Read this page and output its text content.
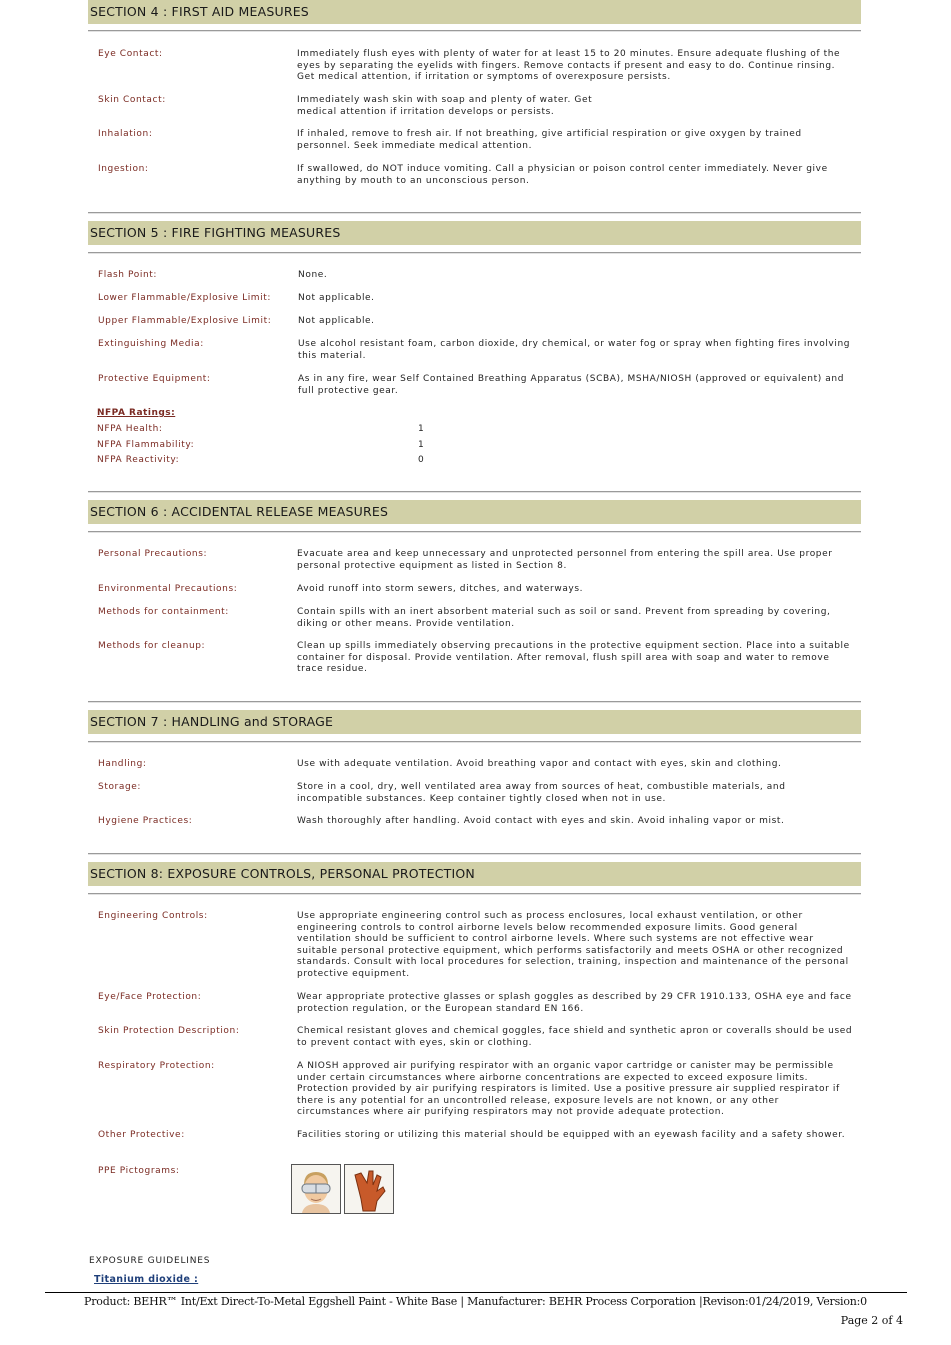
SECTION 4 : FIRST AID MEASURES
Eye Contact:	Immediately flush eyes with plenty of water for at least 15 to 20 minutes. Ensure adequate flushing of the eyes by separating the eyelids with fingers. Remove contacts if present and easy to do. Continue rinsing. Get medical attention, if irritation or symptoms of overexposure persists.
Skin Contact:	Immediately wash skin with soap and plenty of water. Get medical attention if irritation develops or persists.
Inhalation:	If inhaled, remove to fresh air. If not breathing, give artificial respiration or give oxygen by trained personnel. Seek immediate medical attention.
Ingestion:	If swallowed, do NOT induce vomiting. Call a physician or poison control center immediately. Never give anything by mouth to an unconscious person.
SECTION 5 : FIRE FIGHTING MEASURES
Flash Point:	None.
Lower Flammable/Explosive Limit:	Not applicable.
Upper Flammable/Explosive Limit:	Not applicable.
Extinguishing Media:	Use alcohol resistant foam, carbon dioxide, dry chemical, or water fog or spray when fighting fires involving this material.
Protective Equipment:	As in any fire, wear Self Contained Breathing Apparatus (SCBA), MSHA/NIOSH (approved or equivalent) and full protective gear.
NFPA Ratings:
NFPA Health:	1
NFPA Flammability:	1
NFPA Reactivity:	0
SECTION 6 : ACCIDENTAL RELEASE MEASURES
Personal Precautions:	Evacuate area and keep unnecessary and unprotected personnel from entering the spill area. Use proper personal protective equipment as listed in Section 8.
Environmental Precautions:	Avoid runoff into storm sewers, ditches, and waterways.
Methods for containment:	Contain spills with an inert absorbent material such as soil or sand. Prevent from spreading by covering, diking or other means. Provide ventilation.
Methods for cleanup:	Clean up spills immediately observing precautions in the protective equipment section. Place into a suitable container for disposal. Provide ventilation. After removal, flush spill area with soap and water to remove trace residue.
SECTION 7 : HANDLING and STORAGE
Handling:	Use with adequate ventilation. Avoid breathing vapor and contact with eyes, skin and clothing.
Storage:	Store in a cool, dry, well ventilated area away from sources of heat, combustible materials, and incompatible substances. Keep container tightly closed when not in use.
Hygiene Practices:	Wash thoroughly after handling. Avoid contact with eyes and skin. Avoid inhaling vapor or mist.
SECTION 8: EXPOSURE CONTROLS, PERSONAL PROTECTION
Engineering Controls:	Use appropriate engineering control such as process enclosures, local exhaust ventilation, or other engineering controls to control airborne levels below recommended exposure limits. Good general ventilation should be sufficient to control airborne levels. Where such systems are not effective wear suitable personal protective equipment, which performs satisfactorily and meets OSHA or other recognized standards. Consult with local procedures for selection, training, inspection and maintenance of the personal protective equipment.
Eye/Face Protection:	Wear appropriate protective glasses or splash goggles as described by 29 CFR 1910.133, OSHA eye and face protection regulation, or the European standard EN 166.
Skin Protection Description:	Chemical resistant gloves and chemical goggles, face shield and synthetic apron or coveralls should be used to prevent contact with eyes, skin or clothing.
Respiratory Protection:	A NIOSH approved air purifying respirator with an organic vapor cartridge or canister may be permissible under certain circumstances where airborne concentrations are expected to exceed exposure limits. Protection provided by air purifying respirators is limited. Use a positive pressure air supplied respirator if there is any potential for an uncontrolled release, exposure levels are not known, or any other circumstances where air purifying respirators may not provide adequate protection.
Other Protective:	Facilities storing or utilizing this material should be equipped with an eyewash facility and a safety shower.
PPE Pictograms:
EXPOSURE GUIDELINES
Titanium dioxide :
Product: BEHR™ Int/Ext Direct-To-Metal Eggshell Paint - White Base | Manufacturer: BEHR Process Corporation |Revison:01/24/2019, Version:0
Page 2 of 4
